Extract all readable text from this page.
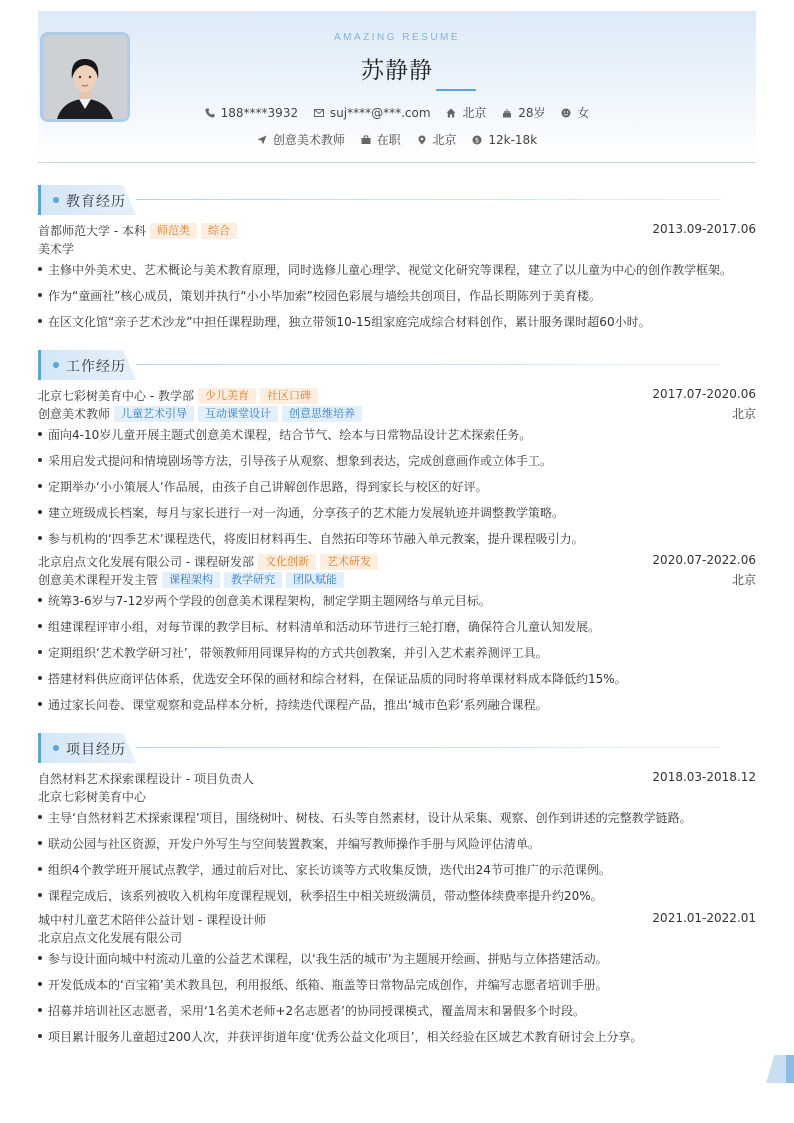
AMAZING RESUME
苏静静
188****3932	suj****@***.com	北京	28岁	女
创意美术教师	在职	北京	$ 12k-18k
教育经历
首都师范大学 - 本科 师范类 综合	2013.09-2017.06
美术学
主修中外美术史、艺术概论与美术教育原理，同时选修儿童心理学、视觉文化研究等课程，建立了以儿童为中心的创作教学框架。
作为“童画社”核心成员，策划并执行“小小毕加索”校园色彩展与墙绘共创项目，作品长期陈列于美育楼。
在区文化馆“亲子艺术沙龙”中担任课程助理，独立带领10-15组家庭完成综合材料创作，累计服务课时超60小时。
工作经历
北京七彩树美育中心 - 教学部 少儿美育 社区口碑	2017.07-2020.06
创意美术教师 儿童艺术引导 互动课堂设计 创意思维培养	北京
面向4-10岁儿童开展主题式创意美术课程，结合节气、绘本与日常物品设计艺术探索任务。
采用启发式提问和情境剧场等方法，引导孩子从观察、想象到表达，完成创意画作或立体手工。
定期举办‘小小策展人’作品展，由孩子自己讲解创作思路，得到家长与校区的好评。
建立班级成长档案，每月与家长进行一对一沟通，分享孩子的艺术能力发展轨迹并调整教学策略。
参与机构的‘四季艺术’课程迭代，将废旧材料再生、自然拓印等环节融入单元教案，提升课程吸引力。
北京启点文化发展有限公司 - 课程研发部 文化创新 艺术研发	2020.07-2022.06
创意美术课程开发主管 课程架构 教学研究 团队赋能	北京
统筹3-6岁与7-12岁两个学段的创意美术课程架构，制定学期主题网络与单元目标。
组建课程评审小组，对每节课的教学目标、材料清单和活动环节进行三轮打磨，确保符合儿童认知发展。
定期组织‘艺术教学研习社’，带领教师用同课异构的方式共创教案，并引入艺术素养测评工具。
搭建材料供应商评估体系，优选安全环保的画材和综合材料，在保证品质的同时将单课材料成本降低约15%。
通过家长问卷、课堂观察和竞品样本分析，持续迭代课程产品，推出‘城市色彩’系列融合课程。
项目经历
自然材料艺术探索课程设计 - 项目负责人	2018.03-2018.12
北京七彩树美育中心
主导‘自然材料艺术探索课程’项目，围绕树叶、树枝、石头等自然素材，设计从采集、观察、创作到讲述的完整教学链路。
联动公园与社区资源，开发户外写生与空间装置教案，并编写教师操作手册与风险评估清单。
组织4个教学班开展试点教学，通过前后对比、家长访谈等方式收集反馈，迭代出24节可推广的示范课例。
课程完成后，该系列被收入机构年度课程规划，秋季招生中相关班级满员，带动整体续费率提升约20%。
城中村儿童艺术陪伴公益计划 - 课程设计师	2021.01-2022.01
北京启点文化发展有限公司
参与设计面向城中村流动儿童的公益艺术课程，以‘我生活的城市’为主题展开绘画、拼贴与立体搭建活动。
开发低成本的‘百宝箱’美术教具包，利用报纸、纸箱、瓶盖等日常物品完成创作，并编写志愿者培训手册。
招募并培训社区志愿者，采用‘1名美术老师+2名志愿者’的协同授课模式，覆盖周末和暑假多个时段。
项目累计服务儿童超过200人次，并获评街道年度‘优秀公益文化项目’，相关经验在区域艺术教育研讨会上分享。
